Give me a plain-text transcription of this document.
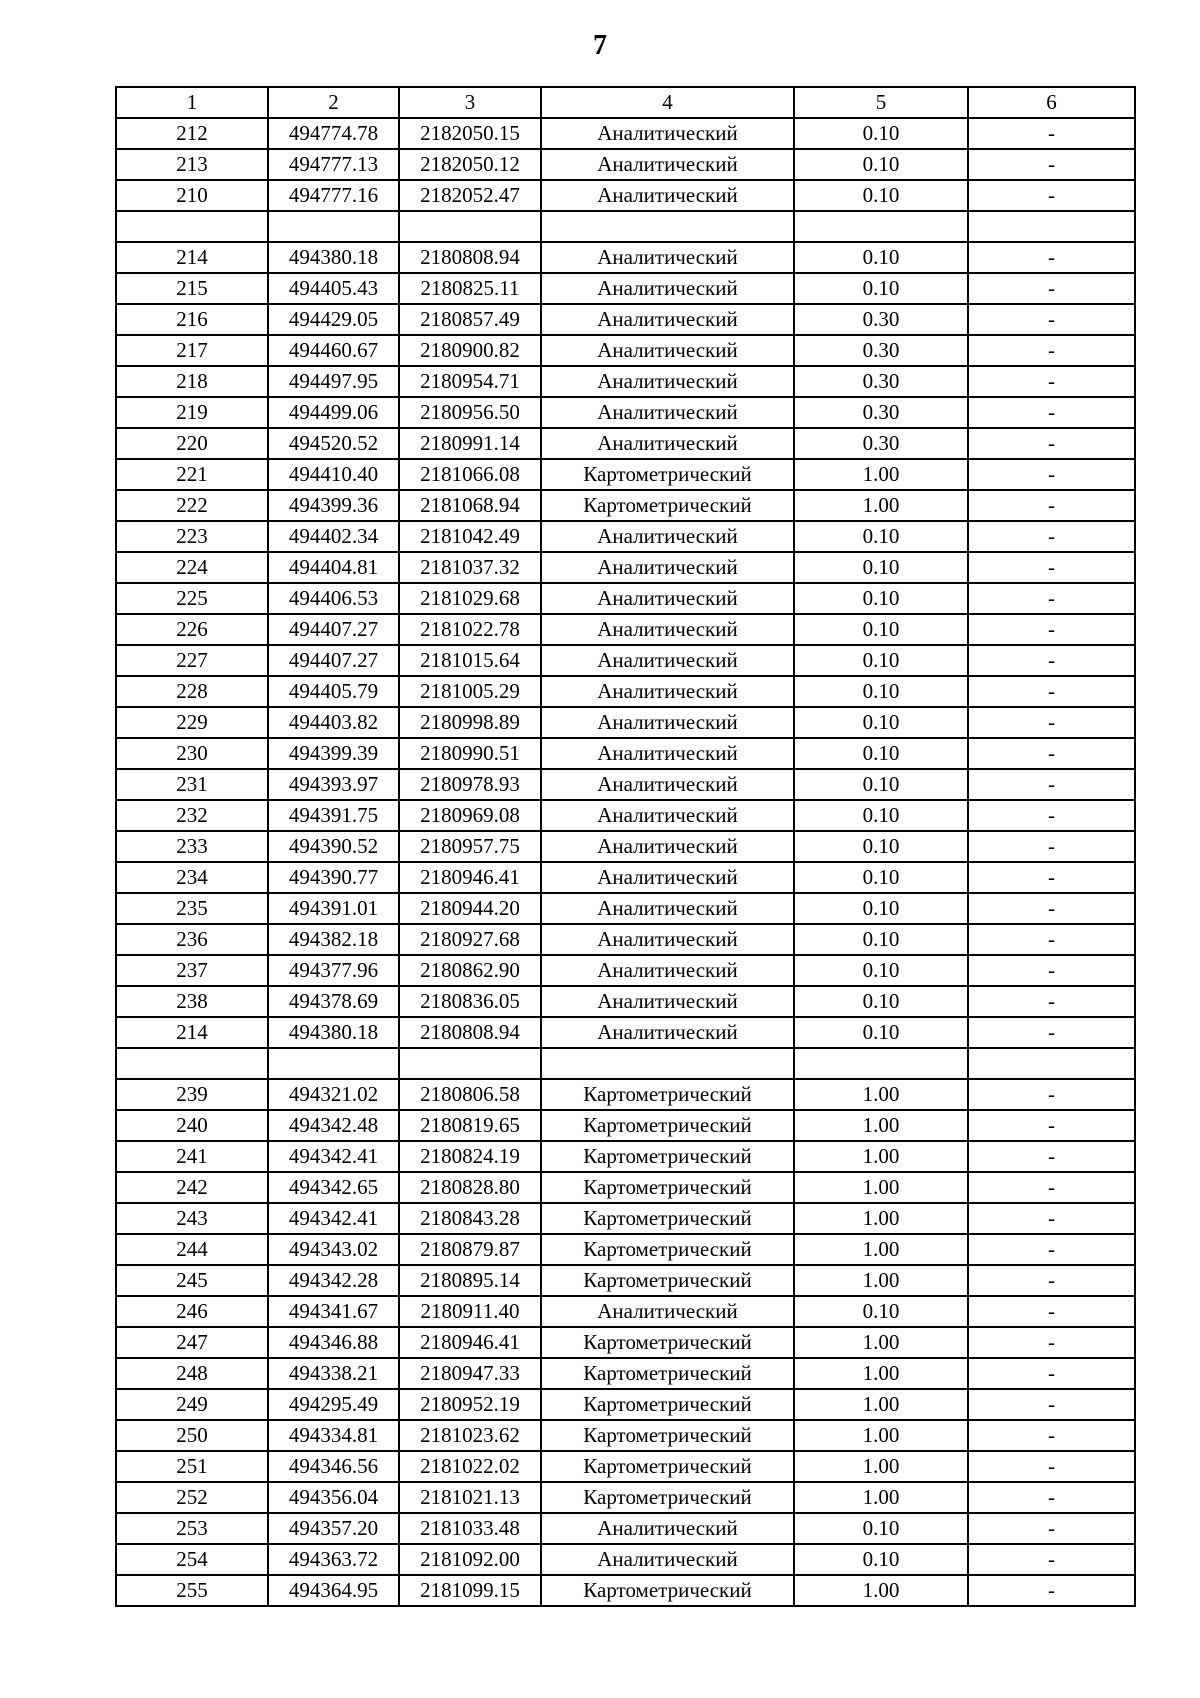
7
1	2	3	4	5	6
212	494774.78	2182050.15	Аналитический	0.10	-
213	494777.13	2182050.12	Аналитический	0.10	-
210	494777.16	2182052.47	Аналитический	0.10	-

214	494380.18	2180808.94	Аналитический	0.10	-
215	494405.43	2180825.11	Аналитический	0.10	-
216	494429.05	2180857.49	Аналитический	0.30	-
217	494460.67	2180900.82	Аналитический	0.30	-
218	494497.95	2180954.71	Аналитический	0.30	-
219	494499.06	2180956.50	Аналитический	0.30	-
220	494520.52	2180991.14	Аналитический	0.30	-
221	494410.40	2181066.08	Картометрический	1.00	-
222	494399.36	2181068.94	Картометрический	1.00	-
223	494402.34	2181042.49	Аналитический	0.10	-
224	494404.81	2181037.32	Аналитический	0.10	-
225	494406.53	2181029.68	Аналитический	0.10	-
226	494407.27	2181022.78	Аналитический	0.10	-
227	494407.27	2181015.64	Аналитический	0.10	-
228	494405.79	2181005.29	Аналитический	0.10	-
229	494403.82	2180998.89	Аналитический	0.10	-
230	494399.39	2180990.51	Аналитический	0.10	-
231	494393.97	2180978.93	Аналитический	0.10	-
232	494391.75	2180969.08	Аналитический	0.10	-
233	494390.52	2180957.75	Аналитический	0.10	-
234	494390.77	2180946.41	Аналитический	0.10	-
235	494391.01	2180944.20	Аналитический	0.10	-
236	494382.18	2180927.68	Аналитический	0.10	-
237	494377.96	2180862.90	Аналитический	0.10	-
238	494378.69	2180836.05	Аналитический	0.10	-
214	494380.18	2180808.94	Аналитический	0.10	-

239	494321.02	2180806.58	Картометрический	1.00	-
240	494342.48	2180819.65	Картометрический	1.00	-
241	494342.41	2180824.19	Картометрический	1.00	-
242	494342.65	2180828.80	Картометрический	1.00	-
243	494342.41	2180843.28	Картометрический	1.00	-
244	494343.02	2180879.87	Картометрический	1.00	-
245	494342.28	2180895.14	Картометрический	1.00	-
246	494341.67	2180911.40	Аналитический	0.10	-
247	494346.88	2180946.41	Картометрический	1.00	-
248	494338.21	2180947.33	Картометрический	1.00	-
249	494295.49	2180952.19	Картометрический	1.00	-
250	494334.81	2181023.62	Картометрический	1.00	-
251	494346.56	2181022.02	Картометрический	1.00	-
252	494356.04	2181021.13	Картометрический	1.00	-
253	494357.20	2181033.48	Аналитический	0.10	-
254	494363.72	2181092.00	Аналитический	0.10	-
255	494364.95	2181099.15	Картометрический	1.00	-
